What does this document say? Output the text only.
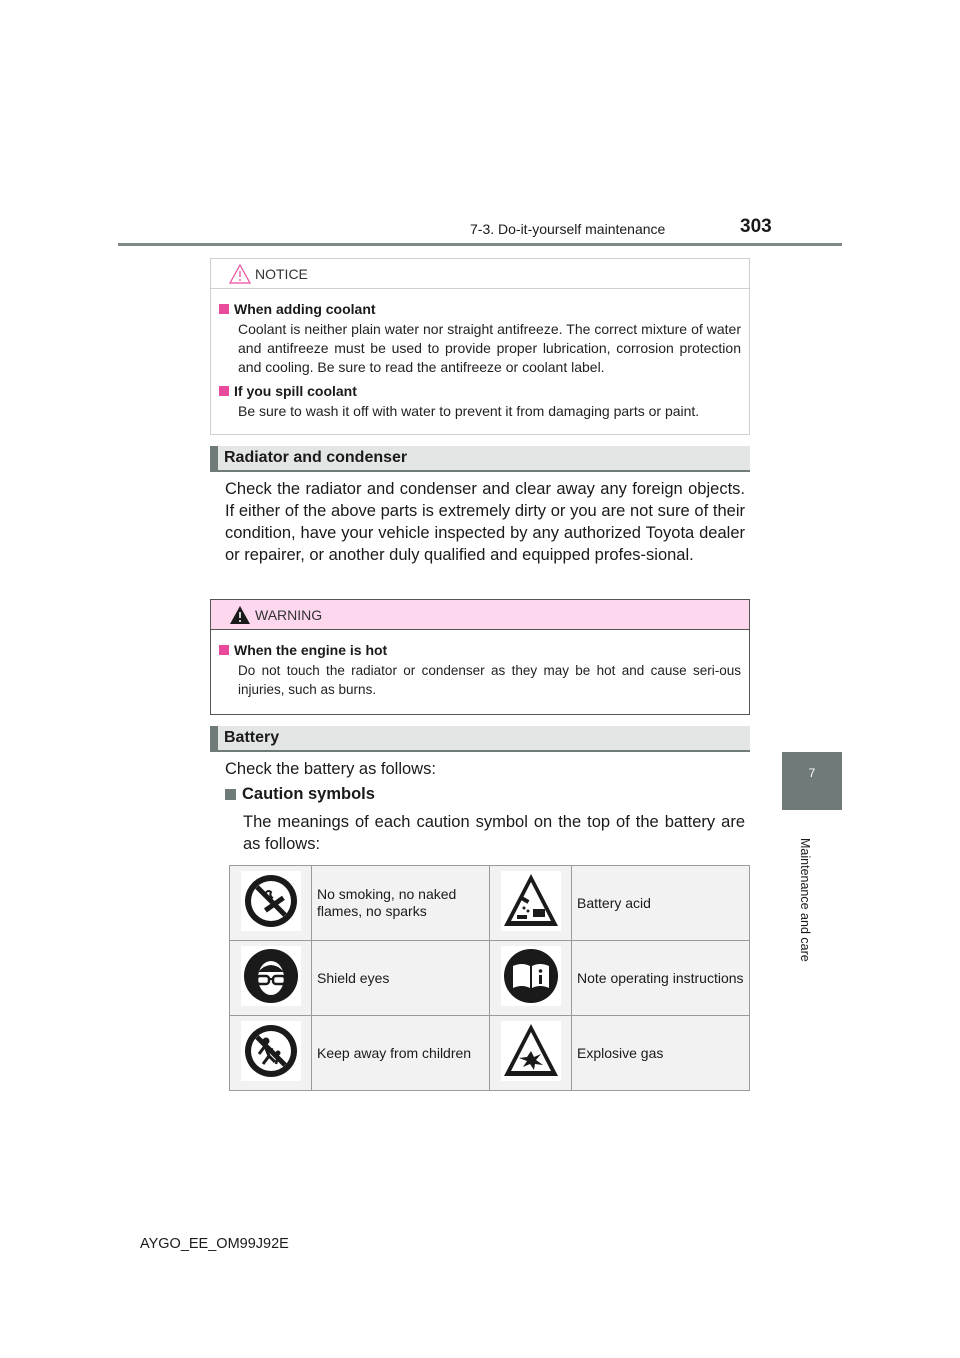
7-3. Do-it-yourself maintenance	303
7
Maintenance and care
NOTICE

When adding coolant

Coolant is neither plain water nor straight antifreeze. The correct mixture of water and antifreeze must be used to provide proper lubrication, corrosion protection and cooling. Be sure to read the antifreeze or coolant label.

If you spill coolant

Be sure to wash it off with water to prevent it from damaging parts or paint.

Radiator and condenser
Check the radiator and condenser and clear away any foreign objects. If either of the above parts is extremely dirty or you are not sure of their condition, have your vehicle inspected by any authorized Toyota dealer or repairer, or another duly qualified and equipped profes-sional.
WARNING

When the engine is hot

Do not touch the radiator or condenser as they may be hot and cause seri-ous injuries, such as burns.

Battery
Check the battery as follows:
Caution symbols
The meanings of each caution symbol on the top of the battery are as follows:
	No smoking, no naked flames, no sparks		Battery acid
	Shield eyes		Note operating instructions
	Keep away from children		Explosive gas
AYGO_EE_OM99J92E
